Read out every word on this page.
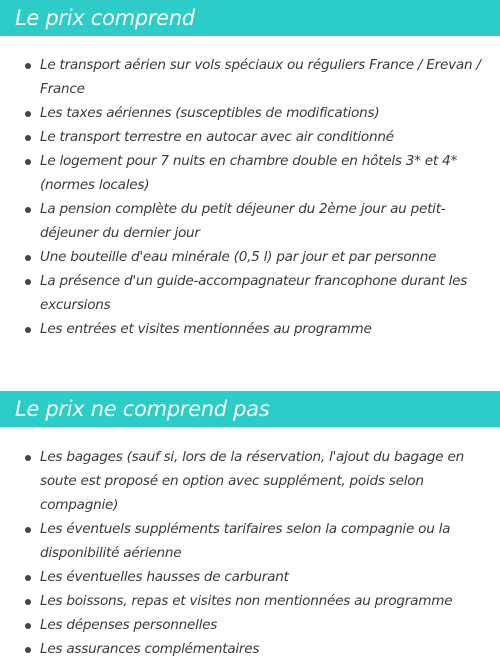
Le prix comprend
Le transport aérien sur vols spéciaux ou réguliers France / Erevan / France
Les taxes aériennes (susceptibles de modifications)
Le transport terrestre en autocar avec air conditionné
Le logement pour 7 nuits en chambre double en hôtels 3* et 4* (normes locales)
La pension complète du petit déjeuner du 2ème jour au petit-déjeuner du dernier jour
Une bouteille d'eau minérale (0,5 l) par jour et par personne
La présence d'un guide-accompagnateur francophone durant les excursions
Les entrées et visites mentionnées au programme
Le prix ne comprend pas
Les bagages (sauf si, lors de la réservation, l'ajout du bagage en soute est proposé en option avec supplément, poids selon compagnie)
Les éventuels suppléments tarifaires selon la compagnie ou la disponibilité aérienne
Les éventuelles hausses de carburant
Les boissons, repas et visites non mentionnées au programme
Les dépenses personnelles
Les assurances complémentaires
